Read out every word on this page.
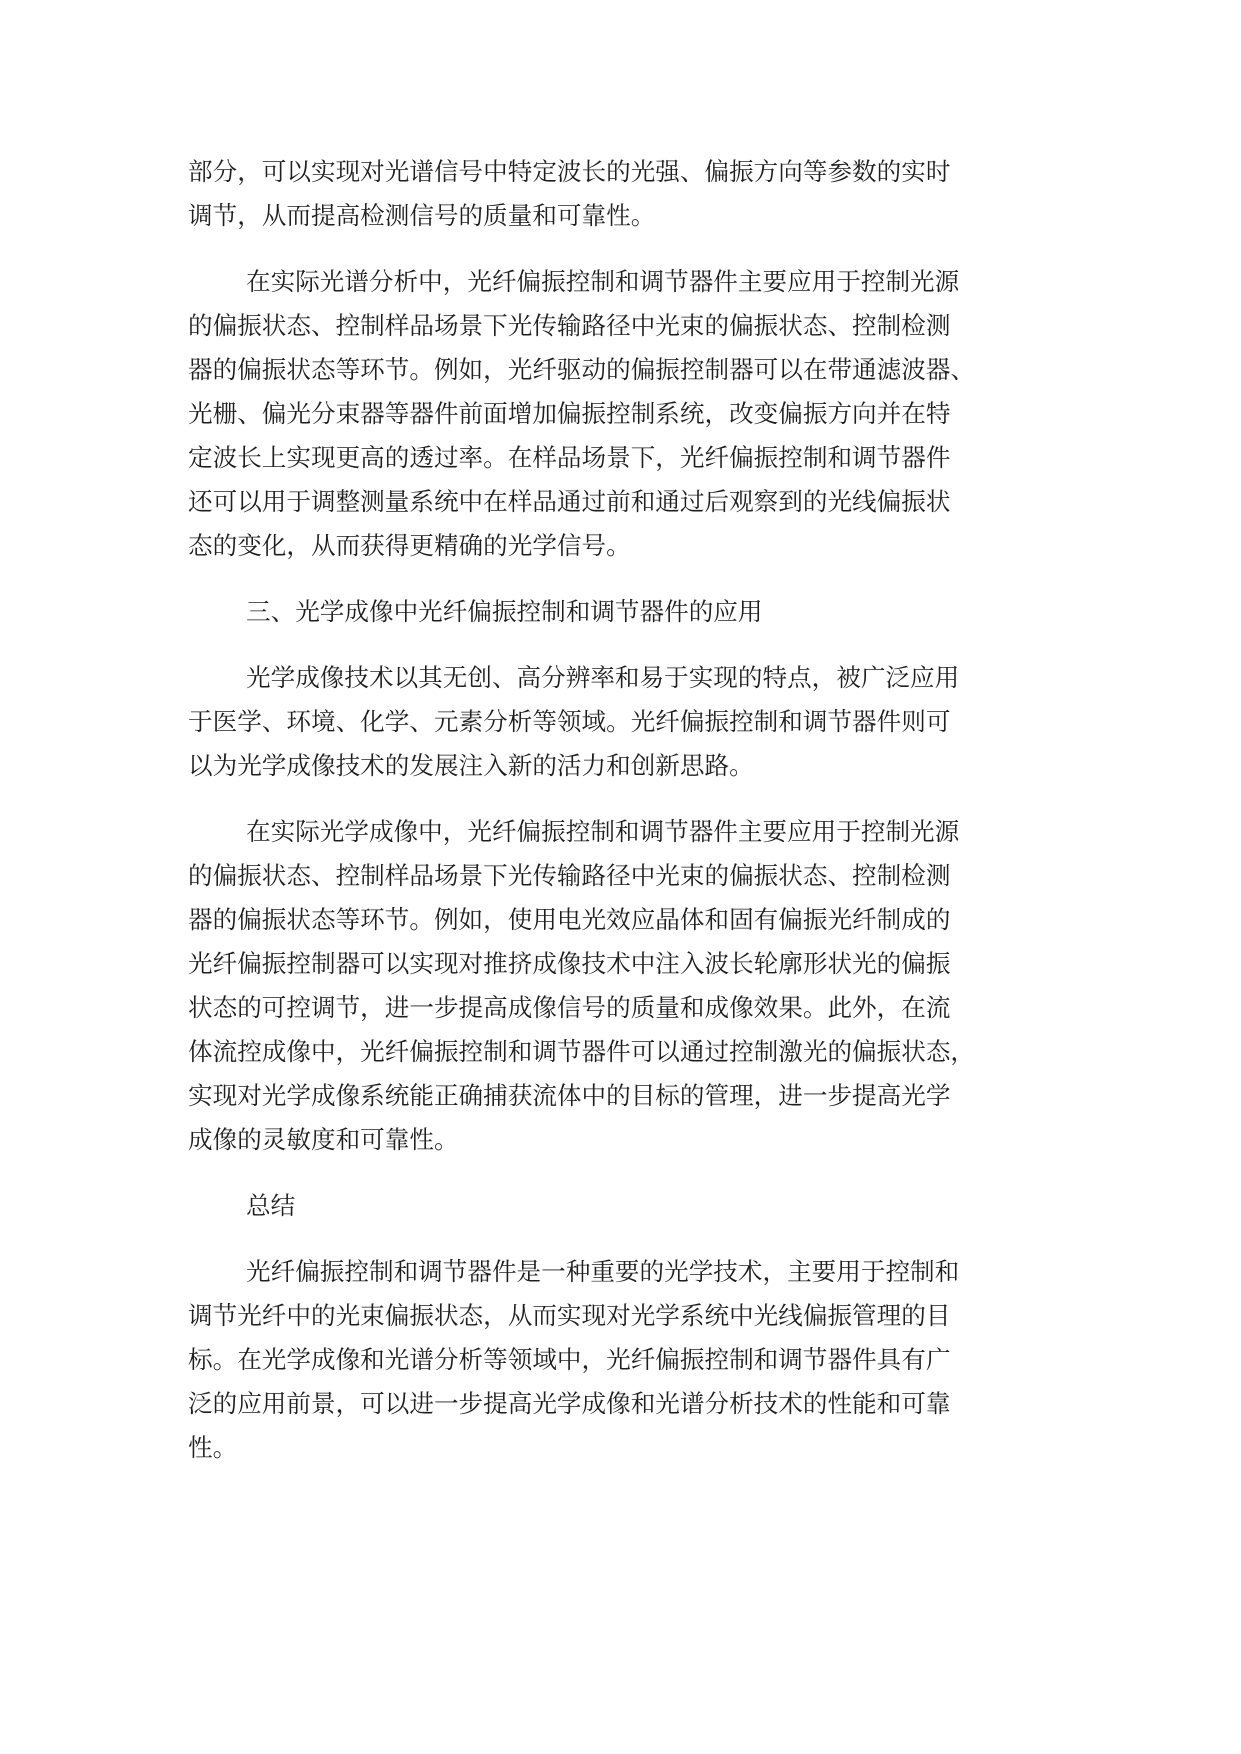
部分，可以实现对光谱信号中特定波长的光强、偏振方向等参数的实时
调节，从而提高检测信号的质量和可靠性。

在实际光谱分析中，光纤偏振控制和调节器件主要应用于控制光源
的偏振状态、控制样品场景下光传输路径中光束的偏振状态、控制检测
器的偏振状态等环节。例如，光纤驱动的偏振控制器可以在带通滤波器、
光栅、偏光分束器等器件前面增加偏振控制系统，改变偏振方向并在特
定波长上实现更高的透过率。在样品场景下，光纤偏振控制和调节器件
还可以用于调整测量系统中在样品通过前和通过后观察到的光线偏振状
态的变化，从而获得更精确的光学信号。

三、光学成像中光纤偏振控制和调节器件的应用

光学成像技术以其无创、高分辨率和易于实现的特点，被广泛应用
于医学、环境、化学、元素分析等领域。光纤偏振控制和调节器件则可
以为光学成像技术的发展注入新的活力和创新思路。

在实际光学成像中，光纤偏振控制和调节器件主要应用于控制光源
的偏振状态、控制样品场景下光传输路径中光束的偏振状态、控制检测
器的偏振状态等环节。例如，使用电光效应晶体和固有偏振光纤制成的
光纤偏振控制器可以实现对推挤成像技术中注入波长轮廓形状光的偏振
状态的可控调节，进一步提高成像信号的质量和成像效果。此外，在流
体流控成像中，光纤偏振控制和调节器件可以通过控制激光的偏振状态，
实现对光学成像系统能正确捕获流体中的目标的管理，进一步提高光学
成像的灵敏度和可靠性。

总结

光纤偏振控制和调节器件是一种重要的光学技术，主要用于控制和
调节光纤中的光束偏振状态，从而实现对光学系统中光线偏振管理的目
标。在光学成像和光谱分析等领域中，光纤偏振控制和调节器件具有广
泛的应用前景，可以进一步提高光学成像和光谱分析技术的性能和可靠
性。
